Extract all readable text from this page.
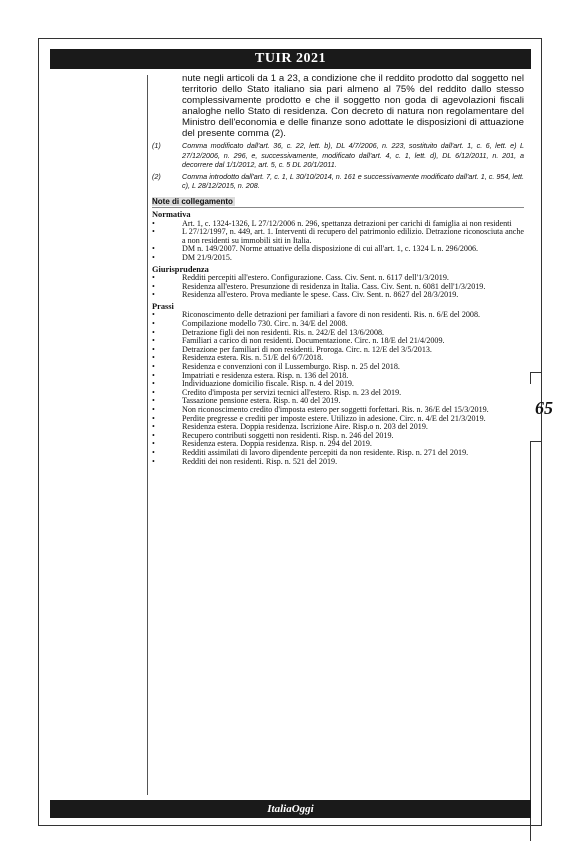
TUIR 2021
65

nute negli articoli da 1 a 23, a condizione che il reddito prodotto dal soggetto nel territorio dello Stato italiano sia pari almeno al 75% del reddito dallo stesso complessivamente prodotto e che il soggetto non goda di agevolazioni fiscali analoghe nello Stato di residenza. Con decreto di natura non regolamentare del Ministro dell'economia e delle finanze sono adottate le disposizioni di attuazione del presente comma (2).

(1)	Comma modificato dall'art. 36, c. 22, lett. b), DL 4/7/2006, n. 223, sostituito dall'art. 1, c. 6, lett. e) L 27/12/2006, n. 296, e, successivamente, modificato dall'art. 4, c. 1, lett. d), DL 6/12/2011, n. 201, a decorrere dal 1/1/2012, art. 5, c. 5 DL 20/1/2011.
(2)	Comma introdotto dall'art. 7, c. 1, L 30/10/2014, n. 161 e successivamente modificato dall'art. 1, c. 954, lett. c), L 28/12/2015, n. 208.
Note di collegamento
Normativa
• Art. 1, c. 1324-1326, L 27/12/2006 n. 296, spettanza detrazioni per carichi di famiglia ai non residenti
• L 27/12/1997, n. 449, art. 1. Interventi di recupero del patrimonio edilizio. Detrazione riconosciuta anche a non residenti su immobili siti in Italia.
• DM n. 149/2007. Norme attuative della disposizione di cui all'art. 1, c. 1324 L n. 296/2006.
• DM 21/9/2015.
Giurisprudenza
• Redditi percepiti all'estero. Configurazione. Cass. Civ. Sent. n. 6117 dell'1/3/2019.
• Residenza all'estero. Presunzione di residenza in Italia. Cass. Civ. Sent. n. 6081 dell'1/3/2019.
• Residenza all'estero. Prova mediante le spese. Cass. Civ. Sent. n. 8627 del 28/3/2019.
Prassi
• Riconoscimento delle detrazioni per familiari a favore di non residenti. Ris. n. 6/E del 2008.
• Compilazione modello 730. Circ. n. 34/E del 2008.
• Detrazione figli dei non residenti. Ris. n. 242/E del 13/6/2008.
• Familiari a carico di non residenti. Documentazione. Circ. n. 18/E del 21/4/2009.
• Detrazione per familiari di non residenti. Proroga. Circ. n. 12/E del 3/5/2013.
• Residenza estera. Ris. n. 51/E del 6/7/2018.
• Residenza e convenzioni con il Lussemburgo. Risp. n. 25 del 2018.
• Impatriati e residenza estera. Risp. n. 136 del 2018.
• Individuazione domicilio fiscale. Risp. n. 4 del 2019.
• Credito d'imposta per servizi tecnici all'estero. Risp. n. 23 del 2019.
• Tassazione pensione estera. Risp. n. 40 del 2019.
• Non riconoscimento credito d'imposta estero per soggetti forfettari. Ris. n. 36/E del 15/3/2019.
• Perdite pregresse e crediti per imposte estere. Utilizzo in adesione. Circ. n. 4/E del 21/3/2019.
• Residenza estera. Doppia residenza. Iscrizione Aire. Risp.o n. 203 del 2019.
• Recupero contributi soggetti non residenti. Risp. n. 246 del 2019.
• Residenza estera. Doppia residenza. Risp. n. 294 del 2019.
• Redditi assimilati di lavoro dipendente percepiti da non residente. Risp. n. 271 del 2019.
• Redditi dei non residenti. Risp. n. 521 del 2019.
ItaliaOggi
